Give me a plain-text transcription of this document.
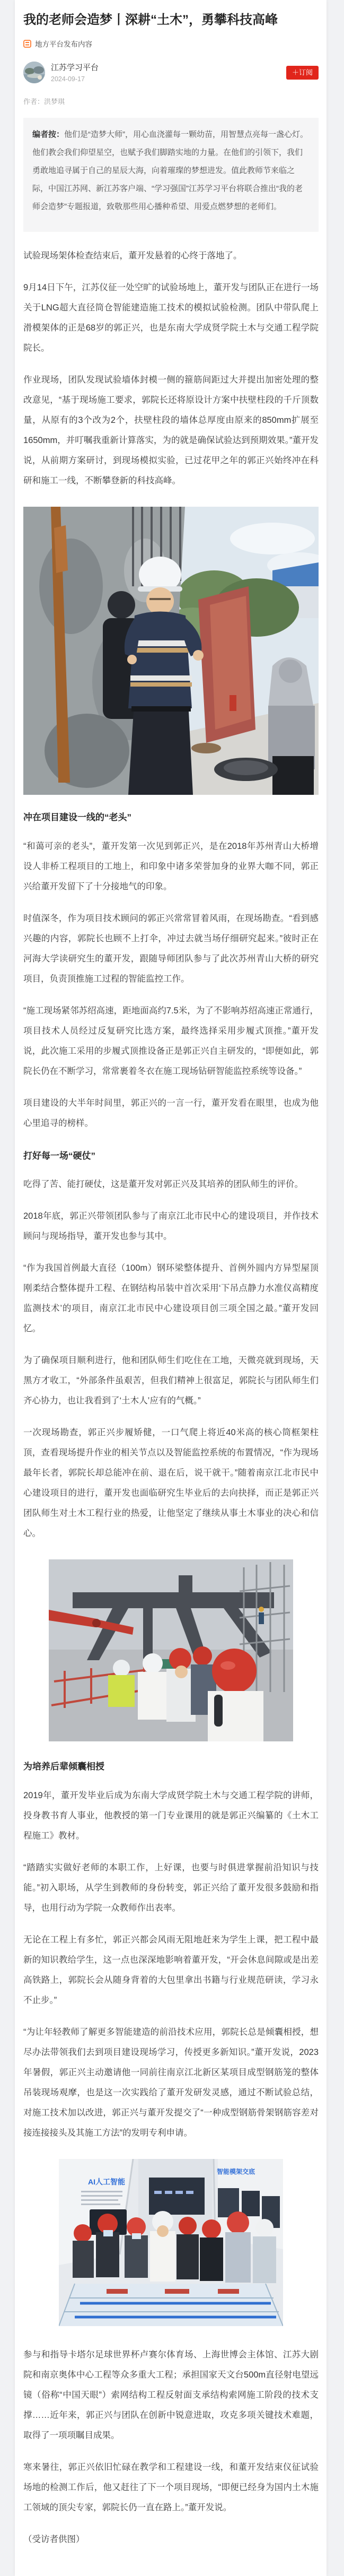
我的老师会造梦丨深耕“土木”，勇攀科技高峰
地方平台发布内容
江苏学习平台
2024-09-17
＋订阅
作者：洪梦琪
编者按：他们是“造梦大师”，用心血浇灌每一颗幼苗，用智慧点亮每一盏心灯。他们教会我们仰望星空，也赋予我们脚踏实地的力量。在他们的引领下，我们勇敢地追寻属于自己的星辰大海，向着璀璨的梦想进发。值此教师节来临之际，中国江苏网、新江苏客户端、“学习强国”江苏学习平台将联合推出“我的老师会造梦”专题报道，致敬那些用心播种希望、用爱点燃梦想的老师们。

试验现场架体检查结束后，董开发悬着的心终于落地了。

9月14日下午，江苏仪征一处空旷的试验场地上，董开发与团队正在进行一场关于LNG超大直径筒仓智能建造施工技术的模拟试验检测。团队中带队爬上滑模架体的正是68岁的郭正兴，也是东南大学成贤学院土木与交通工程学院院长。

作业现场，团队发现试验墙体封模一侧的箍筋间距过大并提出加密处理的整改意见，“基于现场施工要求，郭院长还将原设计方案中扶壁柱段的千斤顶数量，从原有的3个改为2个，扶壁柱段的墙体总厚度由原来的850mm扩展至1650mm，并叮嘱我重新计算落实，为的就是确保试验达到预期效果。”董开发说，从前期方案研讨，到现场模拟实验，已过花甲之年的郭正兴始终冲在科研和施工一线，不断攀登新的科技高峰。

冲在项目建设一线的“老头”

“和蔼可亲的老头”，董开发第一次见到郭正兴，是在2018年苏州青山大桥增设人非桥工程项目的工地上，和印象中诸多荣誉加身的业界大咖不同，郭正兴给董开发留下了十分接地气的印象。

时值深冬，作为项目技术顾问的郭正兴常常冒着风雨，在现场勘查。“看到感兴趣的内容，郭院长也顾不上打伞，冲过去就当场仔细研究起来。”彼时正在河海大学读研究生的董开发，跟随导师团队参与了此次苏州青山大桥的研究项目，负责顶推施工过程的智能监控工作。

“施工现场紧邻苏绍高速，距地面高约7.5米，为了不影响苏绍高速正常通行，项目技术人员经过反复研究比选方案，最终选择采用步履式顶推。”董开发说，此次施工采用的步履式顶推设备正是郭正兴自主研发的，“即便如此，郭院长仍在不断学习，常常裹着冬衣在施工现场钻研智能监控系统等设备。”

项目建设的大半年时间里，郭正兴的一言一行，董开发看在眼里，也成为他心里追寻的榜样。

打好每一场“硬仗”

吃得了苦、能打硬仗，这是董开发对郭正兴及其培养的团队师生的评价。

2018年底，郭正兴带领团队参与了南京江北市民中心的建设项目，并作技术顾问与现场指导，董开发也参与其中。

“作为我国首例最大直径（100m）钢环梁整体提升、首例外圆内方异型屋顶刚柔结合整体提升工程、在钢结构吊装中首次采用‘下吊点静力水准仪高精度监测技术’的项目，南京江北市民中心建设项目创三项全国之最。”董开发回忆。

为了确保项目顺利进行，他和团队师生们吃住在工地，天微亮就到现场，天黑方才收工，“外部条件虽艰苦，但我们精神上很富足，郭院长与团队师生们齐心协力，也让我看到了‘土木人’应有的气概。”

一次现场勘查，郭正兴步履矫健，一口气爬上将近40米高的核心筒框架柱顶，查看现场提升作业的相关节点以及智能监控系统的布置情况，“作为现场最年长者，郭院长却总能冲在前、退在后，说干就干。”随着南京江北市民中心建设项目的进行，董开发也面临研究生毕业后的去向抉择，而正是郭正兴团队师生对土木工程行业的热爱，让他坚定了继续从事土木事业的决心和信心。

为培养后辈倾囊相授

2019年，董开发毕业后成为东南大学成贤学院土木与交通工程学院的讲师，投身教书育人事业，他教授的第一门专业课用的就是郭正兴编纂的《土木工程施工》教材。

“踏踏实实做好老师的本职工作，上好课，也要与时俱进掌握前沿知识与技能。”初入职场，从学生到教师的身份转变，郭正兴给了董开发很多鼓励和指导，也用行动为学院一众教师作出表率。

无论在工程上有多忙，郭正兴都会风雨无阻地赶来为学生上课，把工程中最新的知识教给学生，这一点也深深地影响着董开发，“开会休息间隙或是出差高铁路上，郭院长会从随身背着的大包里拿出书籍与行业规范研读，学习永不止步。”

“为让年轻教师了解更多智能建造的前沿技术应用，郭院长总是倾囊相授，想尽办法带领我们去到项目建设现场学习，传授更多新知识。”董开发说，2023年暑假，郭正兴主动邀请他一同前往南京江北新区某项目成型钢筋笼的整体吊装现场观摩，也是这一次实践给了董开发研发灵感，通过不断试验总结，对施工技术加以改进，郭正兴与董开发提交了“一种成型钢筋骨架钢筋容差对接连接接头及其施工方法”的发明专利申请。

AI人工智能
智能模架交底

参与和指导卡塔尔足球世界杯卢赛尔体育场、上海世博会主体馆、江苏大剧院和南京奥体中心工程等众多重大工程；承担国家天文台500m直径射电望远镜（俗称“中国天眼”）索网结构工程反射面支承结构索网施工阶段的技术支撑……近年来，郭正兴与团队在创新中锐意进取，攻克多项关键技术难题，取得了一项项瞩目成果。

寒来暑往，郭正兴依旧忙碌在教学和工程建设一线，和董开发结束仪征试验场地的检测工作后，他又赶往了下一个项目现场，“即便已经身为国内土木施工领域的顶尖专家，郭院长仍一直在路上。”董开发说。

（受访者供图）
